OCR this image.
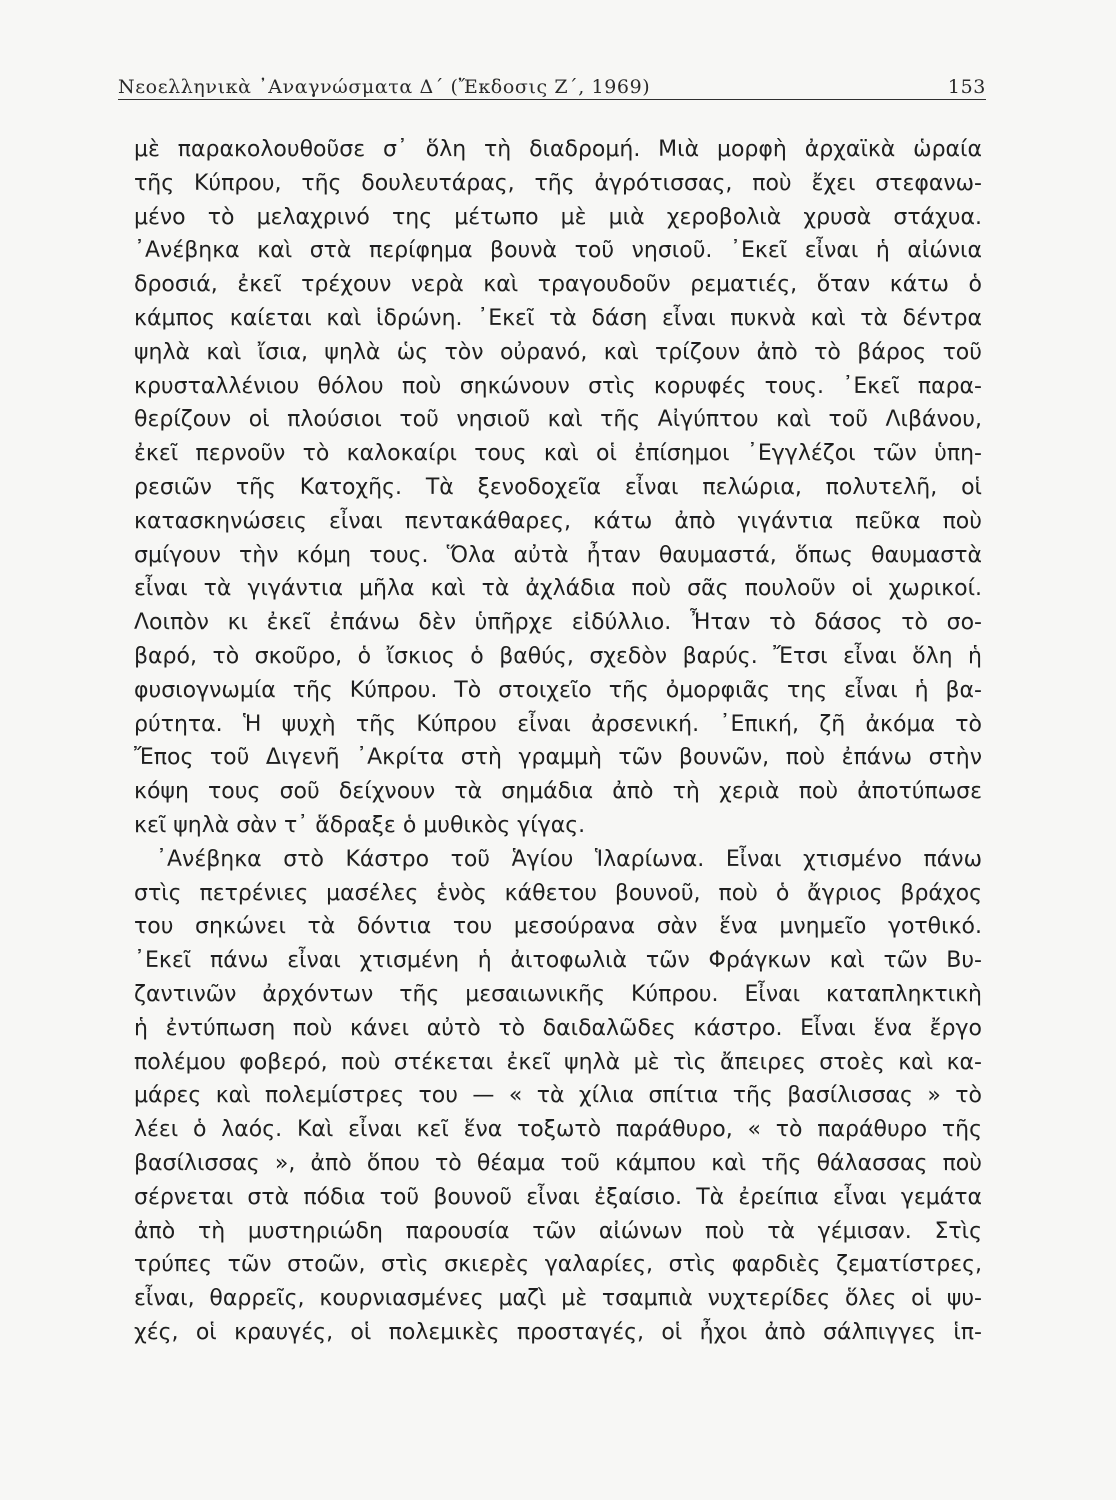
Νεοελληνικὰ ᾿Αναγνώσματα Δ΄ (Ἔκδοσις Ζ΄, 1969)	153
μὲ παρακολουθοῦσε σ᾿ ὅλη τὴ διαδρομή. Μιὰ μορφὴ ἀρχαϊκὰ ὡραία
τῆς Κύπρου, τῆς δουλευτάρας, τῆς ἀγρότισσας, ποὺ ἔχει στεφανω-
μένο τὸ μελαχρινό της μέτωπο μὲ μιὰ χεροβολιὰ χρυσὰ στάχυα.
᾿Ανέβηκα καὶ στὰ περίφημα βουνὰ τοῦ νησιοῦ. ᾿Εκεῖ εἶναι ἡ αἰώνια
δροσιά, ἐκεῖ τρέχουν νερὰ καὶ τραγουδοῦν ρεματιές, ὅταν κάτω ὁ
κάμπος καίεται καὶ ἱδρώνη. ᾿Εκεῖ τὰ δάση εἶναι πυκνὰ καὶ τὰ δέντρα
ψηλὰ καὶ ἴσια, ψηλὰ ὡς τὸν οὐρανό, καὶ τρίζουν ἀπὸ τὸ βάρος τοῦ
κρυσταλλένιου θόλου ποὺ σηκώνουν στὶς κορυφές τους. ᾿Εκεῖ παρα-
θερίζουν οἱ πλούσιοι τοῦ νησιοῦ καὶ τῆς Αἰγύπτου καὶ τοῦ Λιβάνου,
ἐκεῖ περνοῦν τὸ καλοκαίρι τους καὶ οἱ ἐπίσημοι ᾿Εγγλέζοι τῶν ὑπη-
ρεσιῶν τῆς Κατοχῆς. Τὰ ξενοδοχεῖα εἶναι πελώρια, πολυτελῆ, οἱ
κατασκηνώσεις εἶναι πεντακάθαρες, κάτω ἀπὸ γιγάντια πεῦκα ποὺ
σμίγουν τὴν κόμη τους. Ὅλα αὐτὰ ἦταν θαυμαστά, ὅπως θαυμαστὰ
εἶναι τὰ γιγάντια μῆλα καὶ τὰ ἀχλάδια ποὺ σᾶς πουλοῦν οἱ χωρικοί.
Λοιπὸν κι ἐκεῖ ἐπάνω δὲν ὑπῆρχε εἰδύλλιο. Ἦταν τὸ δάσος τὸ σο-
βαρό, τὸ σκοῦρο, ὁ ἴσκιος ὁ βαθύς, σχεδὸν βαρύς. Ἔτσι εἶναι ὅλη ἡ
φυσιογνωμία τῆς Κύπρου. Τὸ στοιχεῖο τῆς ὀμορφιᾶς της εἶναι ἡ βα-
ρύτητα. Ἡ ψυχὴ τῆς Κύπρου εἶναι ἀρσενική. ᾿Επική, ζῆ ἀκόμα τὸ
Ἔπος τοῦ Διγενῆ ᾿Ακρίτα στὴ γραμμὴ τῶν βουνῶν, ποὺ ἐπάνω στὴν
κόψη τους σοῦ δείχνουν τὰ σημάδια ἀπὸ τὴ χεριὰ ποὺ ἀποτύπωσε
κεῖ ψηλὰ σὰν τ᾿ ἅδραξε ὁ μυθικὸς γίγας.
᾿Ανέβηκα στὸ Κάστρο τοῦ Ἁγίου Ἱλαρίωνα. Εἶναι χτισμένο πάνω
στὶς πετρένιες μασέλες ἑνὸς κάθετου βουνοῦ, ποὺ ὁ ἄγριος βράχος
του σηκώνει τὰ δόντια του μεσούρανα σὰν ἕνα μνημεῖο γοτθικό.
᾿Εκεῖ πάνω εἶναι χτισμένη ἡ ἀιτοφωλιὰ τῶν Φράγκων καὶ τῶν Βυ-
ζαντινῶν ἀρχόντων τῆς μεσαιωνικῆς Κύπρου. Εἶναι καταπληκτικὴ
ἡ ἐντύπωση ποὺ κάνει αὐτὸ τὸ δαιδαλῶδες κάστρο. Εἶναι ἕνα ἔργο
πολέμου φοβερό, ποὺ στέκεται ἐκεῖ ψηλὰ μὲ τὶς ἄπειρες στοὲς καὶ κα-
μάρες καὶ πολεμίστρες του — « τὰ χίλια σπίτια τῆς βασίλισσας » τὸ
λέει ὁ λαός. Καὶ εἶναι κεῖ ἕνα τοξωτὸ παράθυρο, « τὸ παράθυρο τῆς
βασίλισσας », ἀπὸ ὅπου τὸ θέαμα τοῦ κάμπου καὶ τῆς θάλασσας ποὺ
σέρνεται στὰ πόδια τοῦ βουνοῦ εἶναι ἐξαίσιο. Τὰ ἐρείπια εἶναι γεμάτα
ἀπὸ τὴ μυστηριώδη παρουσία τῶν αἰώνων ποὺ τὰ γέμισαν. Στὶς
τρύπες τῶν στοῶν, στὶς σκιερὲς γαλαρίες, στὶς φαρδιὲς ζεματίστρες,
εἶναι, θαρρεῖς, κουρνιασμένες μαζὶ μὲ τσαμπιὰ νυχτερίδες ὅλες οἱ ψυ-
χές, οἱ κραυγές, οἱ πολεμικὲς προσταγές, οἱ ἦχοι ἀπὸ σάλπιγγες ἱπ-
